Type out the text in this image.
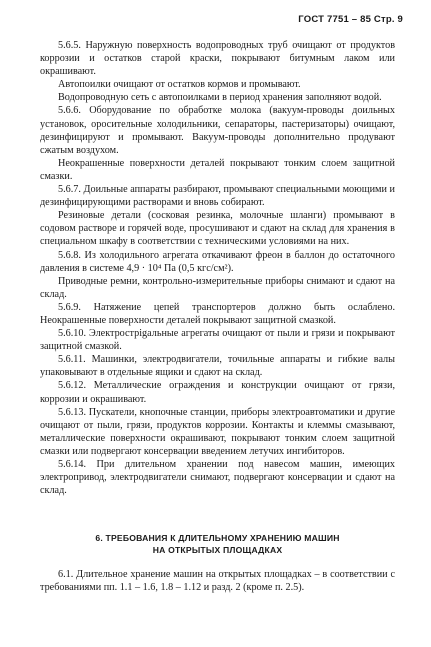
ГОСТ 7751 – 85 Стр. 9

5.6.5. Наружную поверхность водопроводных труб очищают от продуктов коррозии и остатков старой краски, покрывают битумным лаком или окрашивают.

Автопоилки очищают от остатков кормов и промывают.

Водопроводную сеть с автопоилками в период хранения заполняют водой.

5.6.6. Оборудование по обработке молока (вакуум-проводы доильных установок, оросительные холодильники, сепараторы, пастеризаторы) очищают, дезинфицируют и промывают. Вакуум-проводы дополнительно продувают сжатым воздухом.

Неокрашенные поверхности деталей покрывают тонким слоем защитной смазки.

5.6.7. Доильные аппараты разбирают, промывают специальными моющими и дезинфицирующими растворами и вновь собирают.

Резиновые детали (сосковая резинка, молочные шланги) промывают в содовом растворе и горячей воде, просушивают и сдают на склад для хранения в специальном шкафу в соответствии с техническими условиями на них.

5.6.8. Из холодильного агрегата откачивают фреон в баллон до остаточного давления в системе 4,9 · 10⁴ Па (0,5 кгс/см²).

Приводные ремни, контрольно-измерительные приборы снимают и сдают на склад.

5.6.9. Натяжение цепей транспортеров должно быть ослаблено. Неокрашенные поверхности деталей покрывают защитной смазкой.

5.6.10. Электрострigальные агрегаты очищают от пыли и грязи и покрывают защитной смазкой.

5.6.11. Машинки, электродвигатели, точильные аппараты и гибкие валы упаковывают в отдельные ящики и сдают на склад.

5.6.12. Металлические ограждения и конструкции очищают от грязи, коррозии и окрашивают.

5.6.13. Пускатели, кнопочные станции, приборы электроавтоматики и другие очищают от пыли, грязи, продуктов коррозии. Контакты и клеммы смазывают, металлические поверхности окрашивают, покрывают тонким слоем защитной смазки или подвергают консервации введением летучих ингибиторов.

5.6.14. При длительном хранении под навесом машин, имеющих электропривод, электродвигатели снимают, подвергают консервации и сдают на склад.

6. ТРЕБОВАНИЯ К ДЛИТЕЛЬНОМУ ХРАНЕНИЮ МАШИН
НА ОТКРЫТЫХ ПЛОЩАДКАХ

6.1. Длительное хранение машин на открытых площадках – в соответствии с требованиями пп. 1.1 – 1.6, 1.8 – 1.12 и разд. 2 (кроме п. 2.5).
